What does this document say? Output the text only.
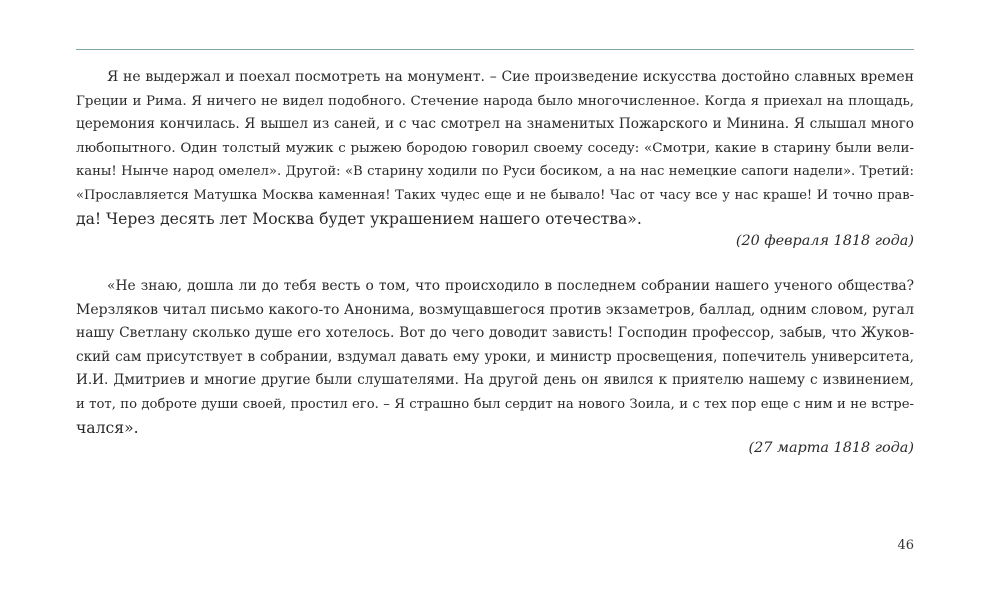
Я не выдержал и поехал посмотреть на монумент. – Сие произведение искусства достойно славных времен
Греции и Рима. Я ничего не видел подобного. Стечение народа было многочисленное. Когда я приехал на площадь,
церемония кончилась. Я вышел из саней, и с час смотрел на знаменитых Пожарского и Минина. Я слышал много
любопытного. Один толстый мужик с рыжею бородою говорил своему соседу: «Смотри, какие в старину были вели-
каны! Нынче народ омелел». Другой: «В старину ходили по Руси босиком, а на нас немецкие сапоги надели». Третий:
«Прославляется Матушка Москва каменная! Таких чудес еще и не бывало! Час от часу все у нас краше! И точно прав-
да! Через десять лет Москва будет украшением нашего отечества».
(20 февраля 1818 года)
«Не знаю, дошла ли до тебя весть о том, что происходило в последнем собрании нашего ученого общества?
Мерзляков читал письмо какого-то Анонима, возмущавшегося против экзаметров, баллад, одним словом, ругал
нашу Светлану сколько душе его хотелось. Вот до чего доводит зависть! Господин профессор, забыв, что Жуков-
ский сам присутствует в собрании, вздумал давать ему уроки, и министр просвещения, попечитель университета,
И.И. Дмитриев и многие другие были слушателями. На другой день он явился к приятелю нашему с извинением,
и тот, по доброте души своей, простил его. – Я страшно был сердит на нового Зоила, и с тех пор еще с ним и не встре-
чался».
(27 марта 1818 года)
46
